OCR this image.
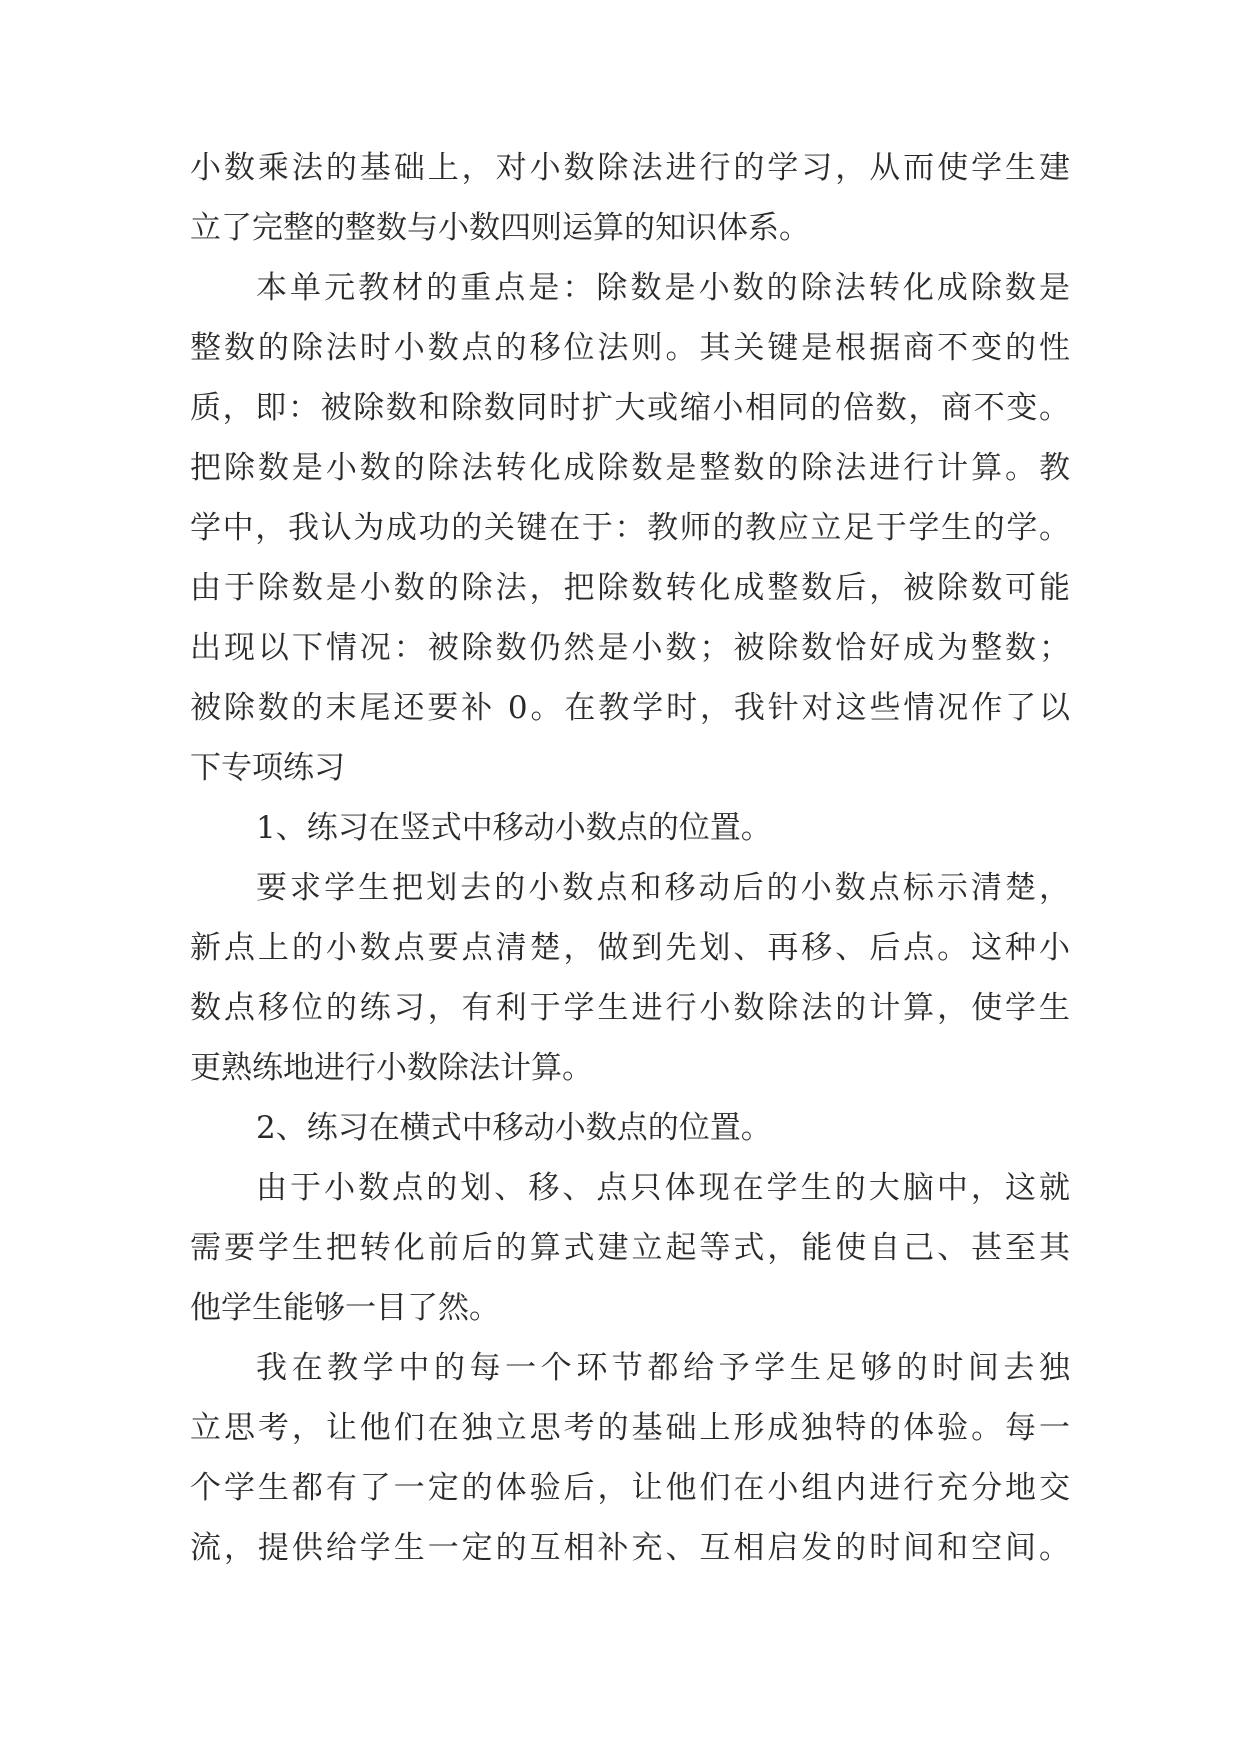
小数乘法的基础上，对小数除法进行的学习，从而使学生建
立了完整的整数与小数四则运算的知识体系。
本单元教材的重点是：除数是小数的除法转化成除数是
整数的除法时小数点的移位法则。其关键是根据商不变的性
质，即：被除数和除数同时扩大或缩小相同的倍数，商不变。
把除数是小数的除法转化成除数是整数的除法进行计算。教
学中，我认为成功的关键在于：教师的教应立足于学生的学。
由于除数是小数的除法，把除数转化成整数后，被除数可能
出现以下情况：被除数仍然是小数；被除数恰好成为整数；
被除数的末尾还要补 0。在教学时，我针对这些情况作了以
下专项练习
1、练习在竖式中移动小数点的位置。
要求学生把划去的小数点和移动后的小数点标示清楚，
新点上的小数点要点清楚，做到先划、再移、后点。这种小
数点移位的练习，有利于学生进行小数除法的计算，使学生
更熟练地进行小数除法计算。
2、练习在横式中移动小数点的位置。
由于小数点的划、移、点只体现在学生的大脑中，这就
需要学生把转化前后的算式建立起等式，能使自己、甚至其
他学生能够一目了然。
我在教学中的每一个环节都给予学生足够的时间去独
立思考，让他们在独立思考的基础上形成独特的体验。每一
个学生都有了一定的体验后，让他们在小组内进行充分地交
流，提供给学生一定的互相补充、互相启发的时间和空间。
